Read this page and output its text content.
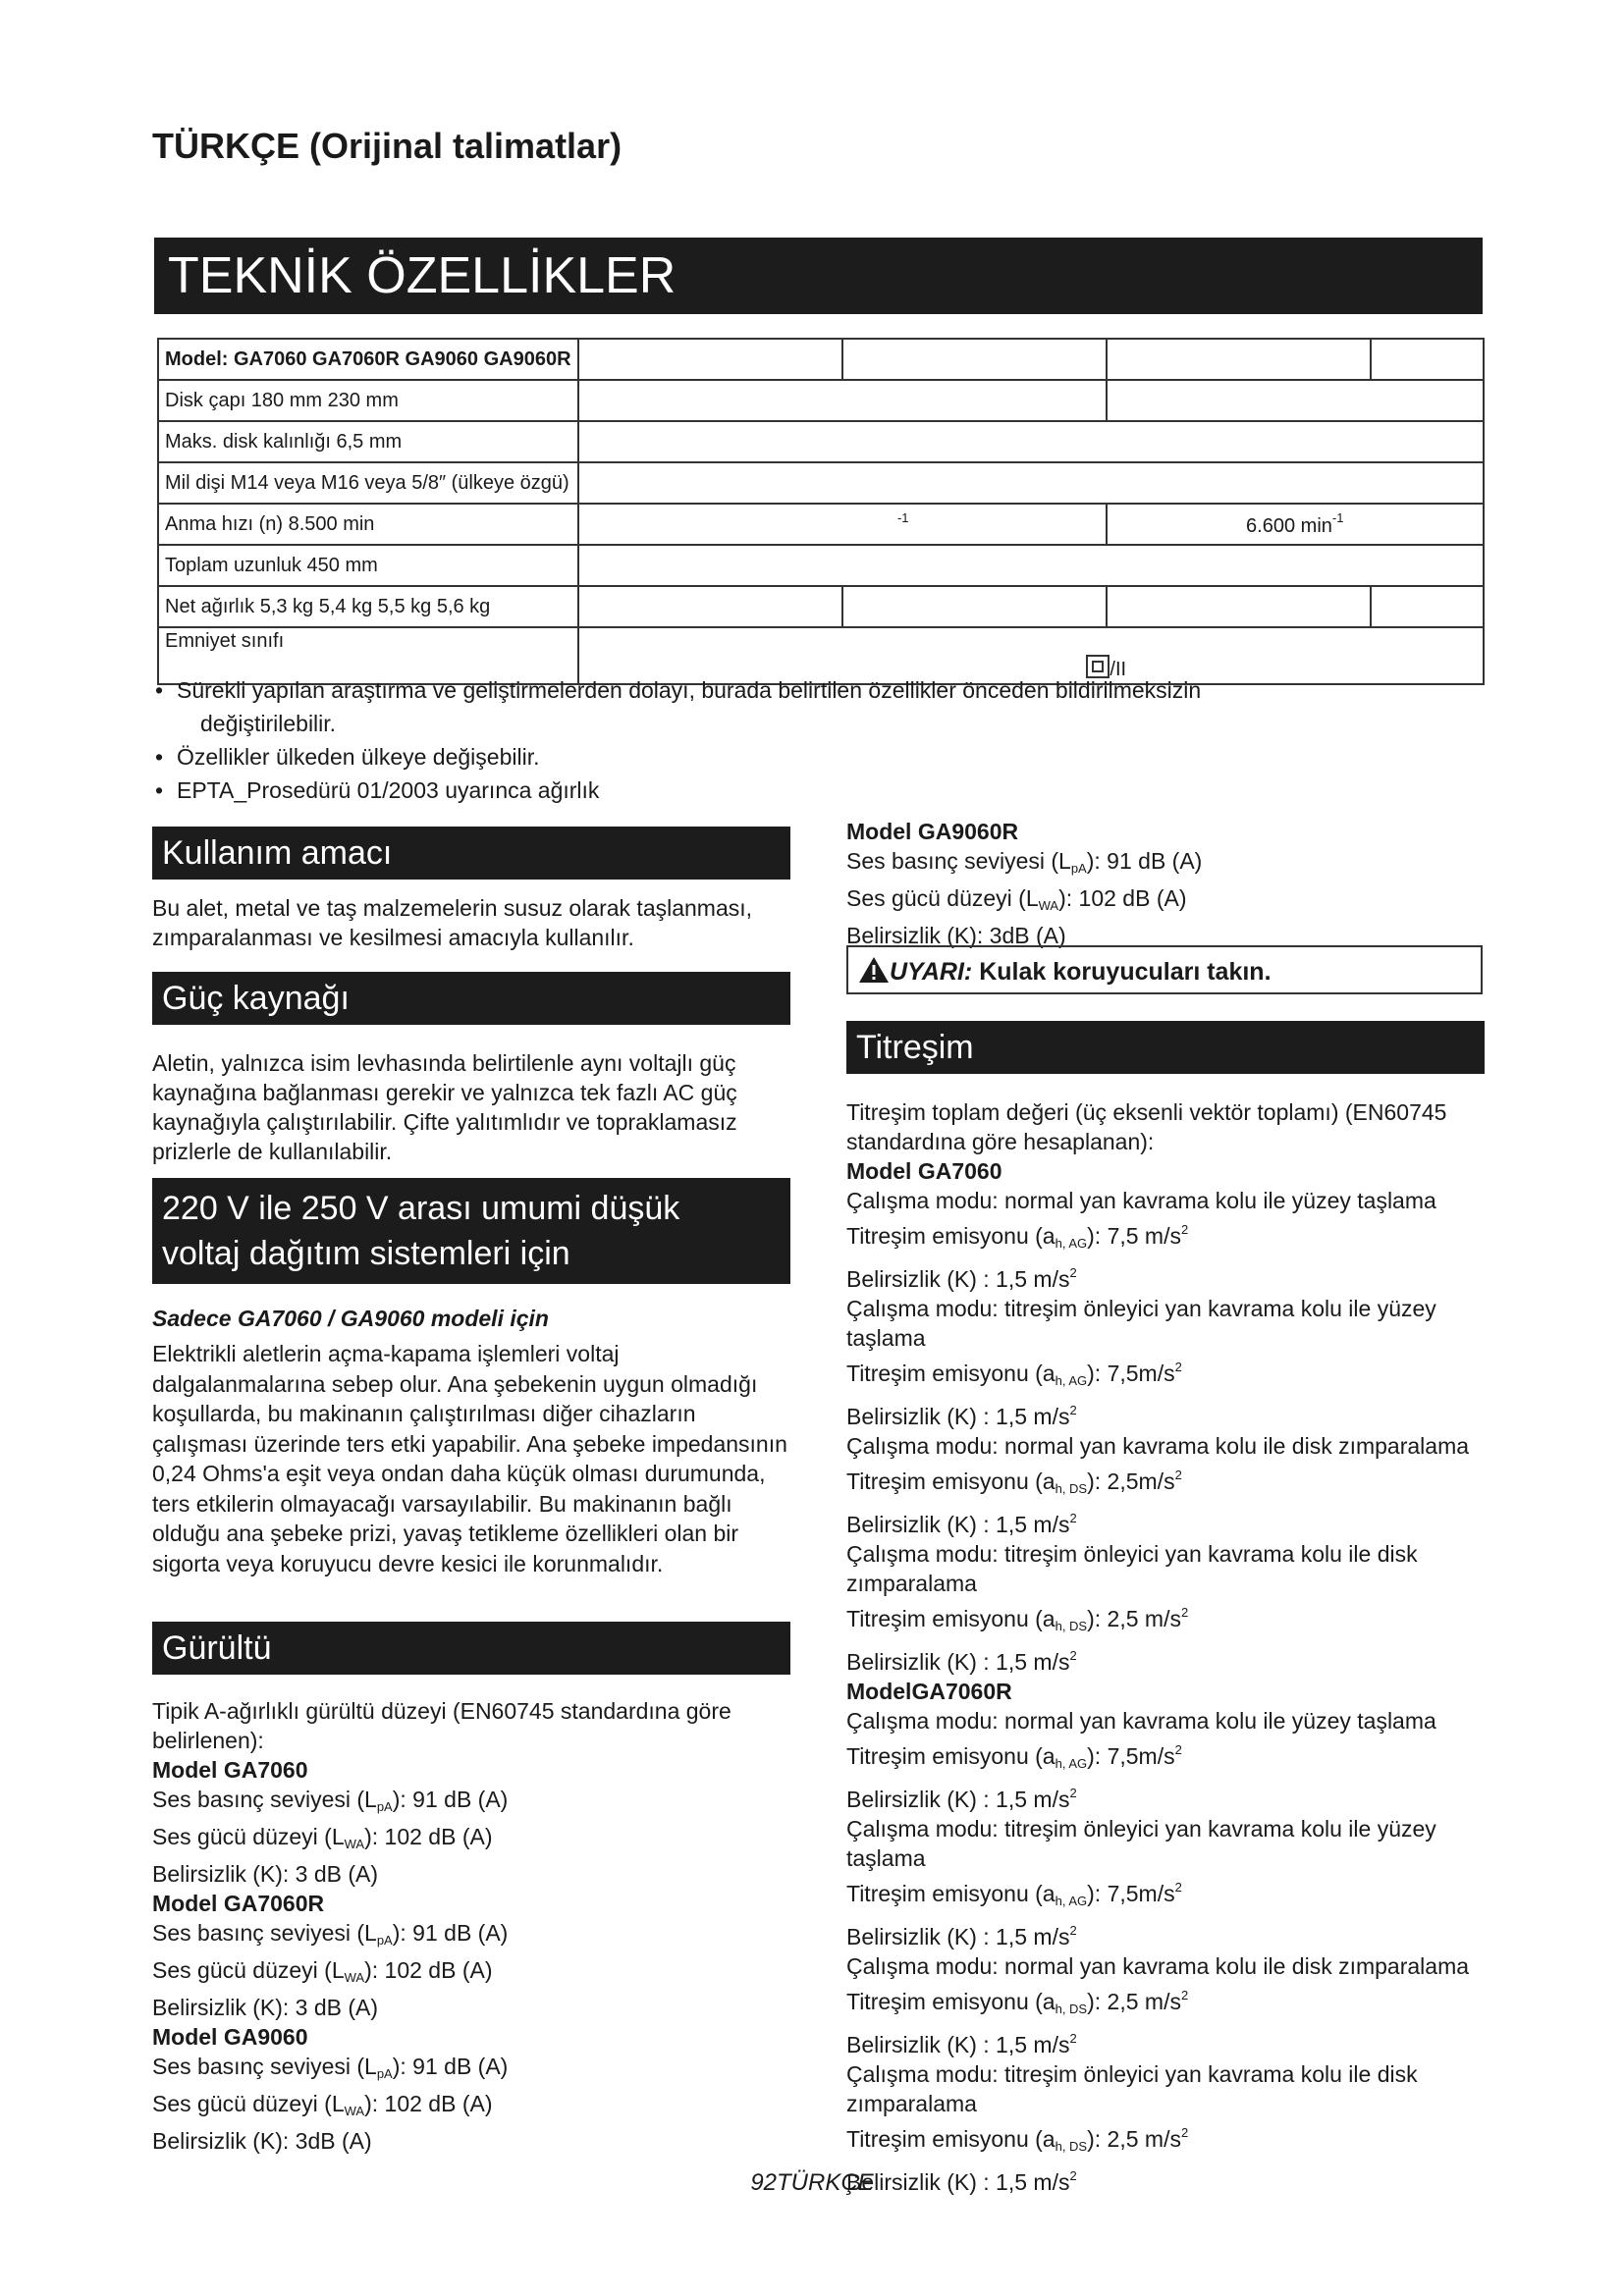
TÜRKÇE (Orijinal talimatlar)
TEKNİK ÖZELLİKLER
Model: GA7060 GA7060R GA9060 GA9060R				
Disk çapı 180 mm 230 mm				
Maks. disk kalınlığı 6,5 mm				
Mil dişi M14 veya M16 veya 5/8″ (ülkeye özgü)				
Anma hızı (n) 8.500 min	$^{-1}$		6.600 $\min^{-1}$
Toplam uzunluk 450 mm				
Net ağırlık 5,3 kg 5,4 kg 5,5 kg 5,6 kg				
Emniyet sınıfı	/II			
• Sürekli yapılan araştırma ve geliştirmelerden dolayı, burada belirtilen özellikler önceden bildirilmeksizin
değiştirilebilir.
• Özellikler ülkeden ülkeye değişebilir.
• EPTA_Prosedürü 01/2003 uyarınca ağırlık
Kullanım amacı

Bu alet, metal ve taş malzemelerin susuz olarak taşlanması, zımparalanması ve kesilmesi amacıyla kullanılır.

Güç kaynağı

Aletin, yalnızca isim levhasında belirtilenle aynı voltajlı güç kaynağına bağlanması gerekir ve yalnızca tek fazlı AC güç kaynağıyla çalıştırılabilir. Çifte yalıtımlıdır ve topraklamasız prizlerle de kullanılabilir.

220 V ile 250 V arası umumi düşük
voltaj dağıtım sistemleri için

Sadece GA7060 / GA9060 modeli için

Elektrikli aletlerin açma-kapama işlemleri voltaj dalgalanmalarına sebep olur. Ana şebekenin uygun olmadığı koşullarda, bu makinanın çalıştırılması diğer cihazların çalışması üzerinde ters etki yapabilir. Ana şebeke impedansının 0,24 Ohms'a eşit veya ondan daha küçük olması durumunda, ters etkilerin olmayacağı varsayılabilir. Bu makinanın bağlı olduğu ana şebeke prizi, yavaş tetikleme özellikleri olan bir sigorta veya koruyucu devre kesici ile korunmalıdır.

Gürültü

Tipik A-ağırlıklı gürültü düzeyi (EN60745 standardına göre belirlenen):

Model GA7060

Ses basınç seviyesi $(L_{pA})$: 91 dB (A)

Ses gücü düzeyi $(L_{WA})$: 102 dB (A)

Belirsizlik (K): 3 dB (A)

Model GA7060R

Ses basınç seviyesi $(L_{pA})$: 91 dB (A)

Ses gücü düzeyi $(L_{WA})$: 102 dB (A)

Belirsizlik (K): 3 dB (A)

Model GA9060

Ses basınç seviyesi $(L_{pA})$: 91 dB (A)

Ses gücü düzeyi $(L_{WA})$: 102 dB (A)

Belirsizlik (K): 3dB (A)

Model GA9060R

Ses basınç seviyesi $(L_{pA})$: 91 dB (A)

Ses gücü düzeyi $(L_{WA})$: 102 dB (A)

Belirsizlik (K): 3dB (A)

UYARI: Kulak koruyucuları takın.
Titreşim

Titreşim toplam değeri (üç eksenli vektör toplamı) (EN60745 standardına göre hesaplanan):

Model GA7060

Çalışma modu: normal yan kavrama kolu ile yüzey taşlama

Titreşim emisyonu $(a_{h, AG})$: 7,5 $m/s^2$

Belirsizlik (K) : 1,5 $m/s^2$

Çalışma modu: titreşim önleyici yan kavrama kolu ile yüzey taşlama

Titreşim emisyonu $(a_{h, AG})$: $7,5m/s^2$

Belirsizlik (K) : 1,5 $m/s^2$

Çalışma modu: normal yan kavrama kolu ile disk zımparalama

Titreşim emisyonu $(a_{h, DS})$: $2,5m/s^2$

Belirsizlik (K) : 1,5 $m/s^2$

Çalışma modu: titreşim önleyici yan kavrama kolu ile disk zımparalama

Titreşim emisyonu $(a_{h, DS})$: 2,5 $m/s^2$

Belirsizlik (K) : 1,5 $m/s^2$

ModelGA7060R

Çalışma modu: normal yan kavrama kolu ile yüzey taşlama

Titreşim emisyonu $(a_{h, AG})$: $7,5m/s^2$

Belirsizlik (K) : 1,5 $m/s^2$

Çalışma modu: titreşim önleyici yan kavrama kolu ile yüzey taşlama

Titreşim emisyonu $(a_{h, AG})$: $7,5m/s^2$

Belirsizlik (K) : 1,5 $m/s^2$

Çalışma modu: normal yan kavrama kolu ile disk zımparalama

Titreşim emisyonu $(a_{h, DS})$: 2,5 $m/s^2$

Belirsizlik (K) : 1,5 $m/s^2$

Çalışma modu: titreşim önleyici yan kavrama kolu ile disk zımparalama

Titreşim emisyonu $(a_{h, DS})$: 2,5 $m/s^2$

Belirsizlik (K) : 1,5 $m/s^2$

92TÜRKÇE
